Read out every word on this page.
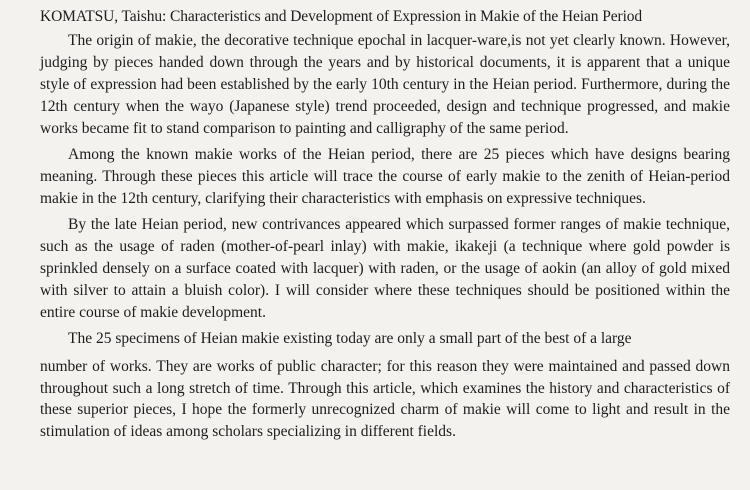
KOMATSU, Taishu: Characteristics and Development of Expression in Makie of the Heian Period

The origin of makie, the decorative technique epochal in lacquer-ware,is not yet clearly known. However, judging by pieces handed down through the years and by historical documents, it is apparent that a unique style of expression had been established by the early 10th century in the Heian period. Furthermore, during the 12th century when the wayo (Japanese style) trend proceeded, design and technique progressed, and makie works became fit to stand comparison to painting and calligraphy of the same period.

Among the known makie works of the Heian period, there are 25 pieces which have designs bearing meaning. Through these pieces this article will trace the course of early makie to the zenith of Heian-period makie in the 12th century, clarifying their characteristics with emphasis on expressive techniques.

By the late Heian period, new contrivances appeared which surpassed former ranges of makie technique, such as the usage of raden (mother-of-pearl inlay) with makie, ikakeji (a technique where gold powder is sprinkled densely on a surface coated with lacquer) with raden, or the usage of aokin (an alloy of gold mixed with silver to attain a bluish color). I will consider where these techniques should be positioned within the entire course of makie development.

The 25 specimens of Heian makie existing today are only a small part of the best of a large
number of works. They are works of public character; for this reason they were maintained and passed down throughout such a long stretch of time. Through this article, which examines the history and characteristics of these superior pieces, I hope the formerly unrecognized charm of makie will come to light and result in the stimulation of ideas among scholars specializing in different fields.
